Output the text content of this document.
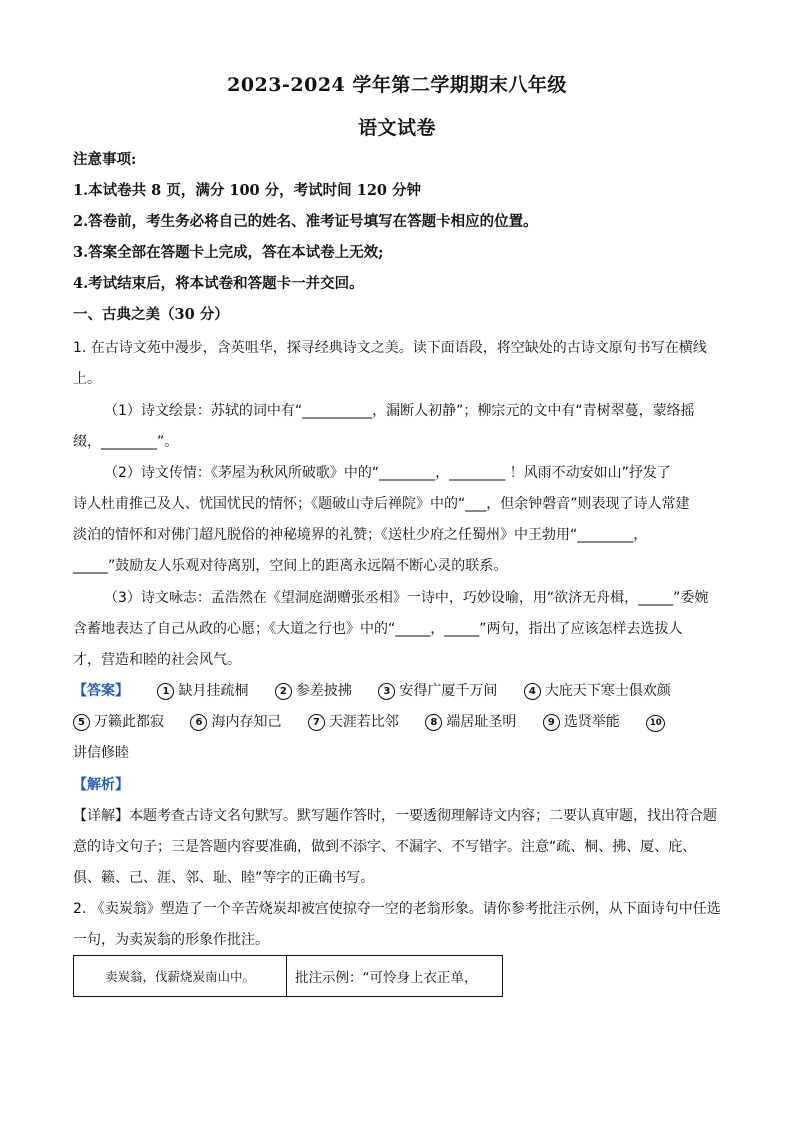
2023-2024 学年第二学期期末八年级
语文试卷
注意事项:
1.本试卷共 8 页，满分 100 分，考试时间 120 分钟
2.答卷前，考生务必将自己的姓名、准考证号填写在答题卡相应的位置。
3.答案全部在答题卡上完成，答在本试卷上无效;
4.考试结束后，将本试卷和答题卡一并交回。
一、古典之美（30 分）
1. 在古诗文苑中漫步，含英咀华，探寻经典诗文之美。读下面语段，将空缺处的古诗文原句书写在横线
上。
（1）诗文绘景：苏轼的词中有“__________，漏断人初静”；柳宗元的文中有“青树翠蔓，蒙络摇
缀，________”。
（2）诗文传情：《茅屋为秋风所破歌》中的“________，________ ！风雨不动安如山”抒发了
诗人杜甫推己及人、忧国忧民的情怀；《题破山寺后禅院》中的“___，但余钟磬音”则表现了诗人常建
淡泊的情怀和对佛门超凡脱俗的神秘境界的礼赞；《送杜少府之任蜀州》中王勃用“________，
_____”鼓励友人乐观对待离别，空间上的距离永远隔不断心灵的联系。
（3）诗文咏志：孟浩然在《望洞庭湖赠张丞相》一诗中，巧妙设喻，用“欲济无舟楫，_____”委婉
含蓄地表达了自己从政的心愿；《大道之行也》中的“_____，_____”两句，指出了应该怎样去选拔人
才，营造和睦的社会风气。
【答案】	1 缺月挂疏桐	2 参差披拂	3 安得广厦千万间	4 大庇天下寒士俱欢颜
5 万籁此都寂	6 海内存知己	7 天涯若比邻	8 端居耻圣明	9 选贤举能	10
讲信修睦
【解析】
【详解】本题考查古诗文名句默写。默写题作答时，一要透彻理解诗文内容；二要认真审题，找出符合题
意的诗文句子；三是答题内容要准确，做到不添字、不漏字、不写错字。注意“疏、桐、拂、厦、庇、
俱、籁、己、涯、邻、耻、睦”等字的正确书写。
2. 《卖炭翁》塑造了一个辛苦烧炭却被宫使掠夺一空的老翁形象。请你参考批注示例，从下面诗句中任选
一句，为卖炭翁的形象作批注。
卖炭翁，伐薪烧炭南山中。	批注示例：“可怜身上衣正单，
